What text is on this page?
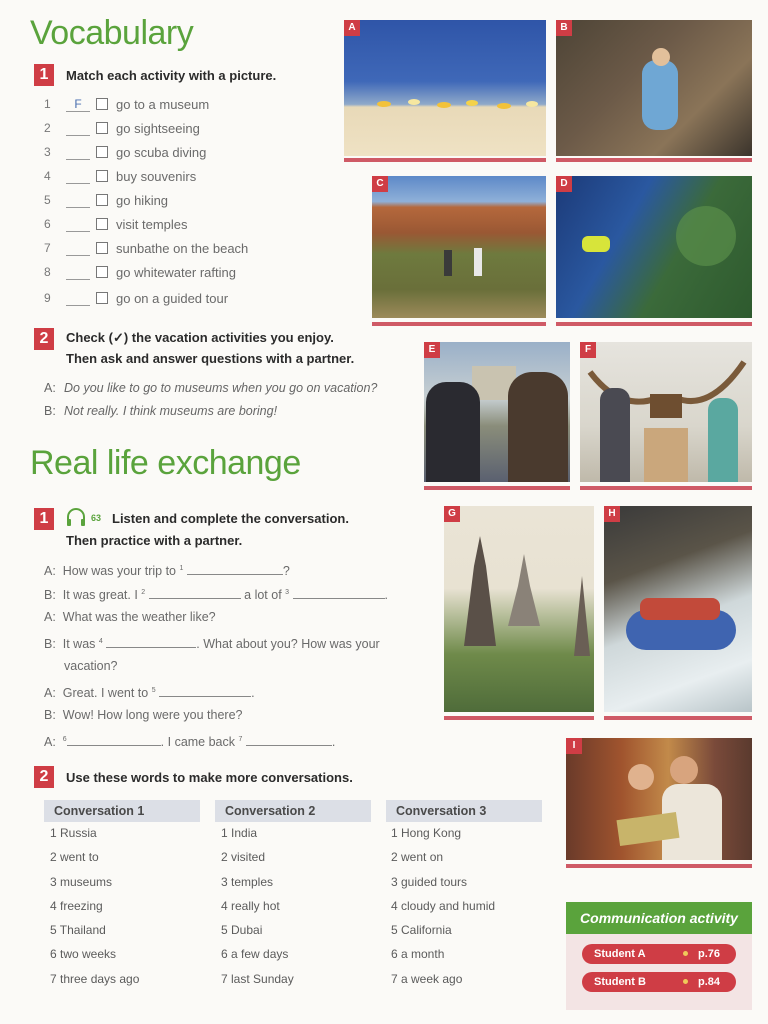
Vocabulary
1	Match each activity with a picture.
1	F	go to a museum
2	go sightseeing
3	go scuba diving
4	buy souvenirs
5	go hiking
6	visit temples
7	sunbathe on the beach
8	go whitewater rafting
9	go on a guided tour
2	Check (✓) the vacation activities you enjoy.
Then ask and answer questions with a partner.
A: Do you like to go to museums when you go on vacation?
B: Not really. I think museums are boring!
Real life exchange
1	63 Listen and complete the conversation.
Then practice with a partner.
A: How was your trip to $^1$	?
B: It was great. I $^2$	a lot of $^3$	.
A: What was the weather like?
B: It was $^4$	. What about you? How was your
vacation?
A: Great. I went to $^5$	.
B: Wow! How long were you there?
A: $^6$	. I came back $^7$	.
2	Use these words to make more conversations.
Conversation 1
1 Russia
2 went to
3 museums
4 freezing
5 Thailand
6 two weeks
7 three days ago
Conversation 2
1 India
2 visited
3 temples
4 really hot
5 Dubai
6 a few days
7 last Sunday
Conversation 3
1 Hong Kong
2 went on
3 guided tours
4 cloudy and humid
5 California
6 a month
7 a week ago
A	B
C	D
E	F
G	H
I
Communication activity
Student A	p.76
Student B	p.84
